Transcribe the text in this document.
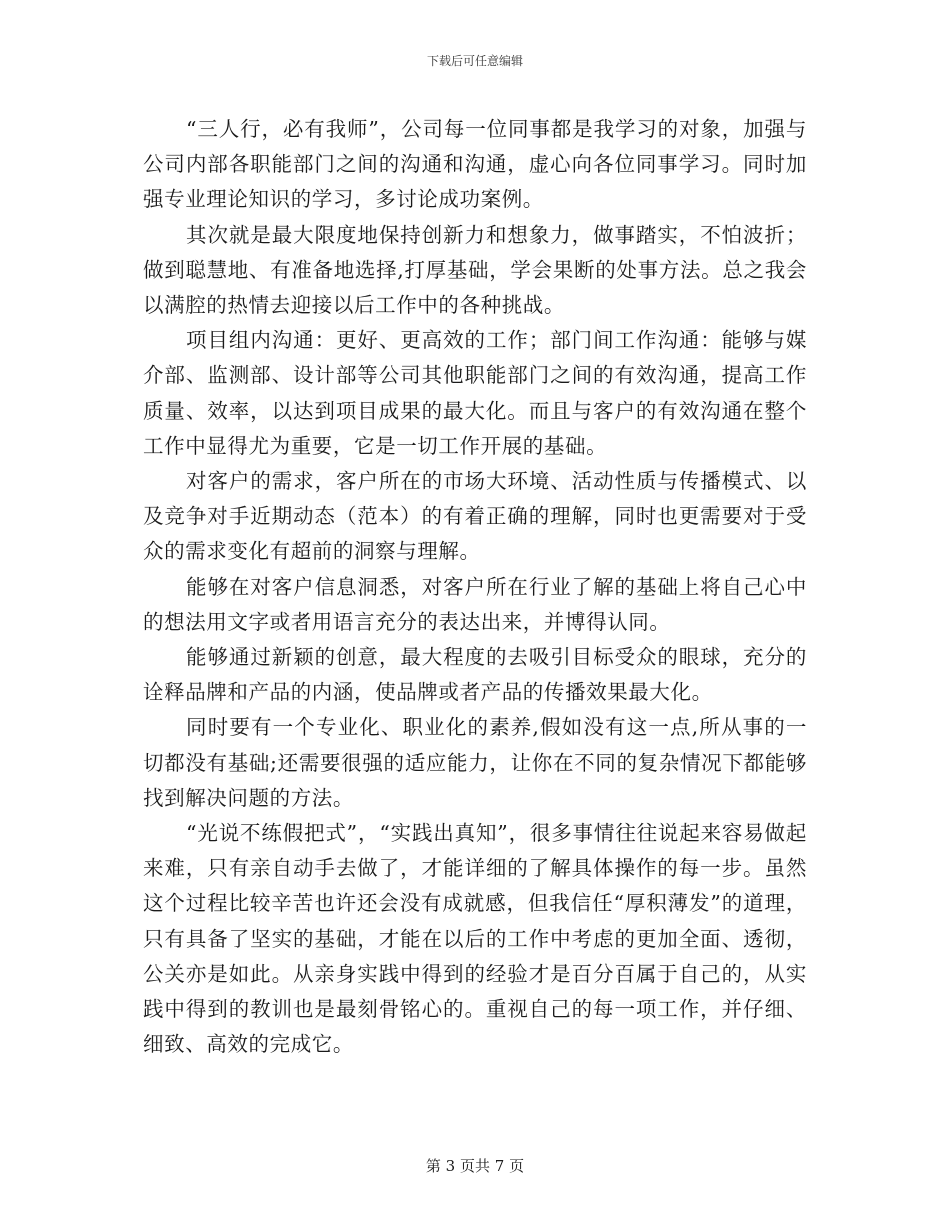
下载后可任意编辑

“三人行，必有我师”，公司每一位同事都是我学习的对象，加强与公司内部各职能部门之间的沟通和沟通，虚心向各位同事学习。同时加强专业理论知识的学习，多讨论成功案例。

其次就是最大限度地保持创新力和想象力，做事踏实，不怕波折；做到聪慧地、有准备地选择,打厚基础，学会果断的处事方法。总之我会以满腔的热情去迎接以后工作中的各种挑战。

项目组内沟通：更好、更高效的工作；部门间工作沟通：能够与媒介部、监测部、设计部等公司其他职能部门之间的有效沟通，提高工作质量、效率，以达到项目成果的最大化。而且与客户的有效沟通在整个工作中显得尤为重要，它是一切工作开展的基础。

对客户的需求，客户所在的市场大环境、活动性质与传播模式、以及竞争对手近期动态（范本）的有着正确的理解，同时也更需要对于受众的需求变化有超前的洞察与理解。

能够在对客户信息洞悉，对客户所在行业了解的基础上将自己心中的想法用文字或者用语言充分的表达出来，并博得认同。

能够通过新颖的创意，最大程度的去吸引目标受众的眼球，充分的诠释品牌和产品的内涵，使品牌或者产品的传播效果最大化。

同时要有一个专业化、职业化的素养,假如没有这一点,所从事的一切都没有基础;还需要很强的适应能力，让你在不同的复杂情况下都能够找到解决问题的方法。

“光说不练假把式”，“实践出真知”，很多事情往往说起来容易做起来难，只有亲自动手去做了，才能详细的了解具体操作的每一步。虽然这个过程比较辛苦也许还会没有成就感，但我信任“厚积薄发”的道理，只有具备了坚实的基础，才能在以后的工作中考虑的更加全面、透彻，公关亦是如此。从亲身实践中得到的经验才是百分百属于自己的，从实践中得到的教训也是最刻骨铭心的。重视自己的每一项工作，并仔细、细致、高效的完成它。

第 3 页共 7 页
